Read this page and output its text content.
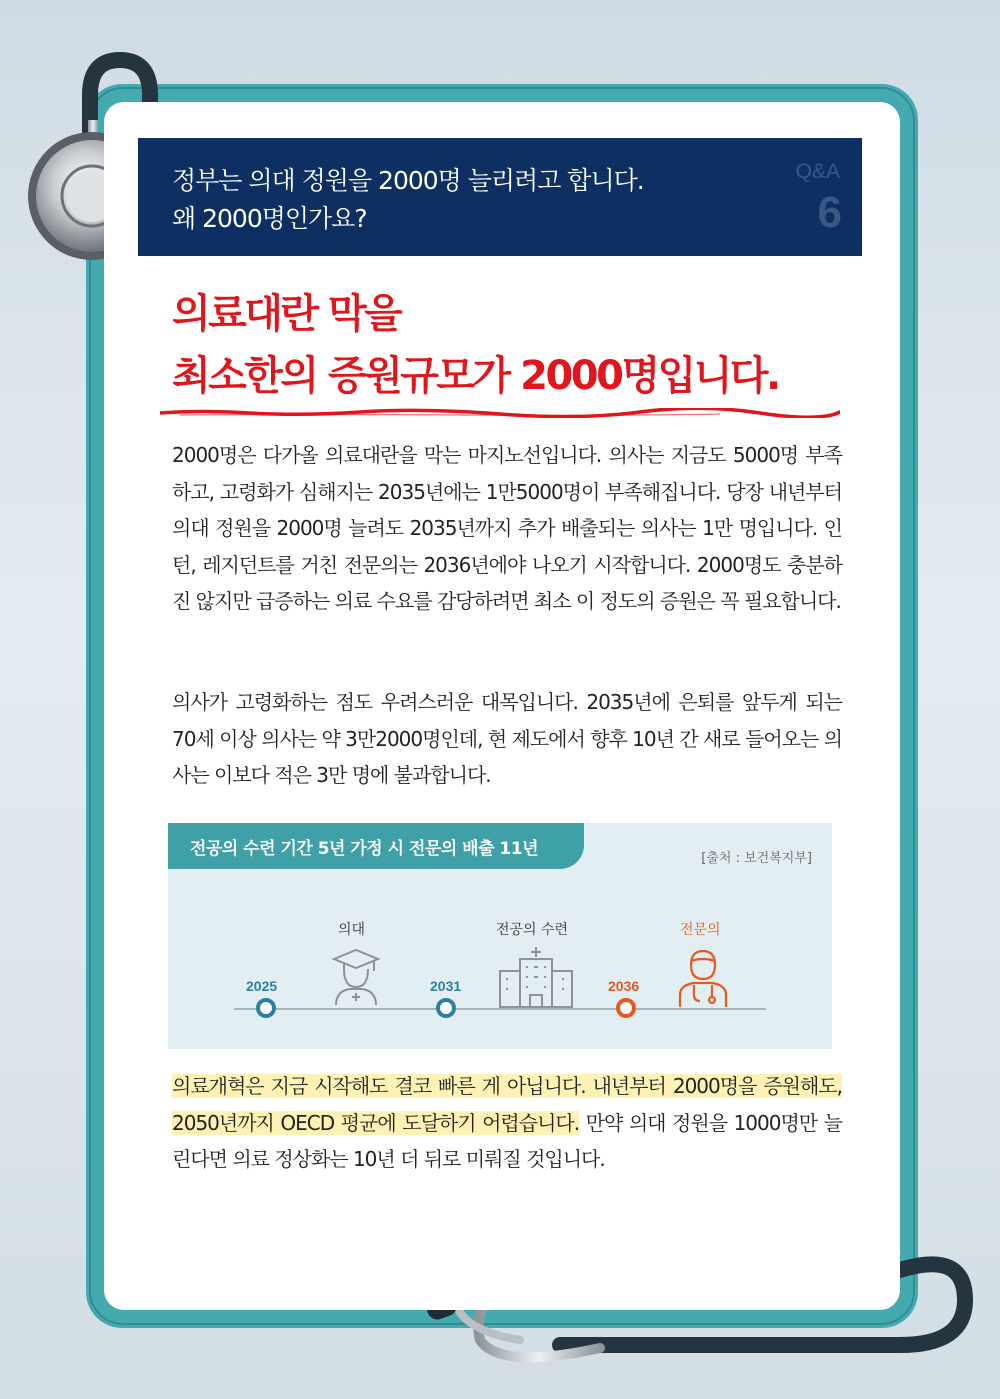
정부는 의대 정원을 2000명 늘리려고 합니다.
왜 2000명인가요?
Q&A
6
의료대란 막을
최소한의 증원규모가 2000명입니다.
2000명은 다가올 의료대란을 막는 마지노선입니다. 의사는 지금도 5000명 부족하고, 고령화가 심해지는 2035년에는 1만5000명이 부족해집니다. 당장 내년부터 의대 정원을 2000명 늘려도 2035년까지 추가 배출되는 의사는 1만 명입니다. 인턴, 레지던트를 거친 전문의는 2036년에야 나오기 시작합니다. 2000명도 충분하진 않지만 급증하는 의료 수요를 감당하려면 최소 이 정도의 증원은 꼭 필요합니다.
의사가 고령화하는 점도 우려스러운 대목입니다. 2035년에 은퇴를 앞두게 되는 70세 이상 의사는 약 3만2000명인데, 현 제도에서 향후 10년 간 새로 들어오는 의사는 이보다 적은 3만 명에 불과합니다.
전공의 수련 기간 5년 가정 시 전문의 배출 11년	[출처 : 보건복지부]
2025
의대
2031
전공의 수련
2036
전문의
의료개혁은 지금 시작해도 결코 빠른 게 아닙니다. 내년부터 2000명을 증원해도, 2050년까지 OECD 평균에 도달하기 어렵습니다. 만약 의대 정원을 1000명만 늘린다면 의료 정상화는 10년 더 뒤로 미뤄질 것입니다.
